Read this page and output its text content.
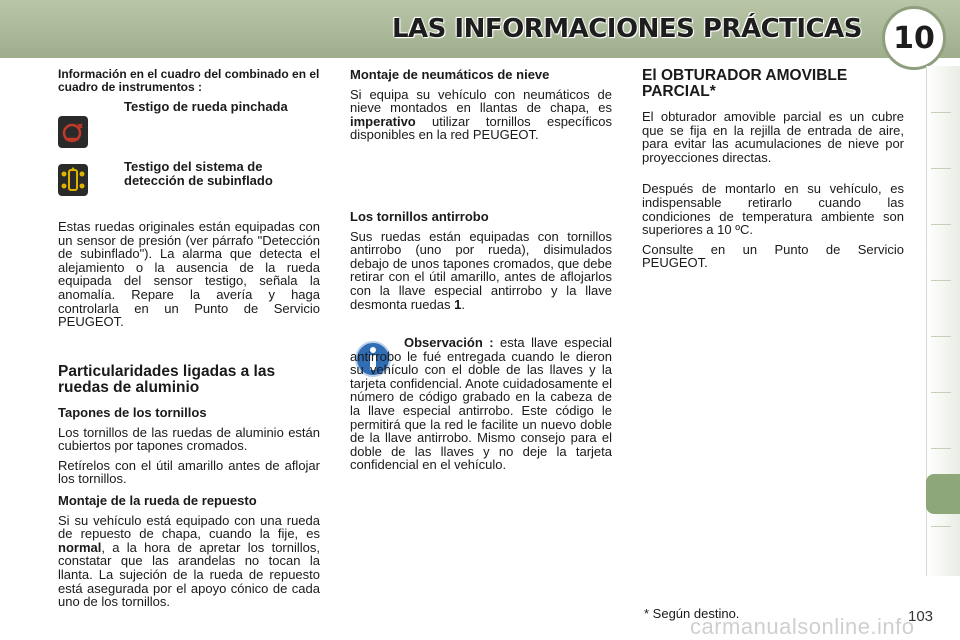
LAS INFORMACIONES PRÁCTICAS	10
Información en el cuadro del combinado en el cuadro de instrumentos :
Testigo de rueda pinchada
Testigo del sistema de detección de subinflado

Estas ruedas originales están equipadas con un sensor de presión (ver párrafo "Detección de subinflado"). La alarma que detecta el alejamiento o la ausencia de la rueda equipada del sensor testigo, señala la anomalía. Repare la avería y haga controlarla en un Punto de Servicio PEUGEOT.

Particularidades ligadas a las ruedas de aluminio
Tapones de los tornillos

Los tornillos de las ruedas de aluminio están cubiertos por tapones cromados.

Retírelos con el útil amarillo antes de aflojar los tornillos.

Montaje de la rueda de repuesto

Si su vehículo está equipado con una rueda de repuesto de chapa, cuando la fije, es normal, a la hora de apretar los tornillos, constatar que las arandelas no tocan la llanta. La sujeción de la rueda de repuesto está asegurada por el apoyo cónico de cada uno de los tornillos.

Montaje de neumáticos de nieve

Si equipa su vehículo con neumáticos de nieve montados en llantas de chapa, es imperativo utilizar tornillos específicos disponibles en la red PEUGEOT.

Los tornillos antirrobo

Sus ruedas están equipadas con tornillos antirrobo (uno por rueda), disimulados debajo de unos tapones cromados, que debe retirar con el útil amarillo, antes de aflojarlos con la llave especial antirrobo y la llave desmonta ruedas 1.

Observación : esta llave especial antirrobo le fué entregada cuando le dieron su vehículo con el doble de las llaves y la tarjeta confidencial. Anote cuidadosamente el número de código grabado en la cabeza de la llave especial antirrobo. Este código le permitirá que la red le facilite un nuevo doble de la llave antirrobo. Mismo consejo para el doble de las llaves y no deje la tarjeta confidencial en el vehículo.

El OBTURADOR AMOVIBLE PARCIAL*

El obturador amovible parcial es un cubre que se fija en la rejilla de entrada de aire, para evitar las acumulaciones de nieve por proyecciones directas.

Después de montarlo en su vehículo, es indispensable retirarlo cuando las condiciones de temperatura ambiente son superiores a 10 ºC.

Consulte en un Punto de Servicio PEUGEOT.

* Según destino.
carmanualsonline.info
103
